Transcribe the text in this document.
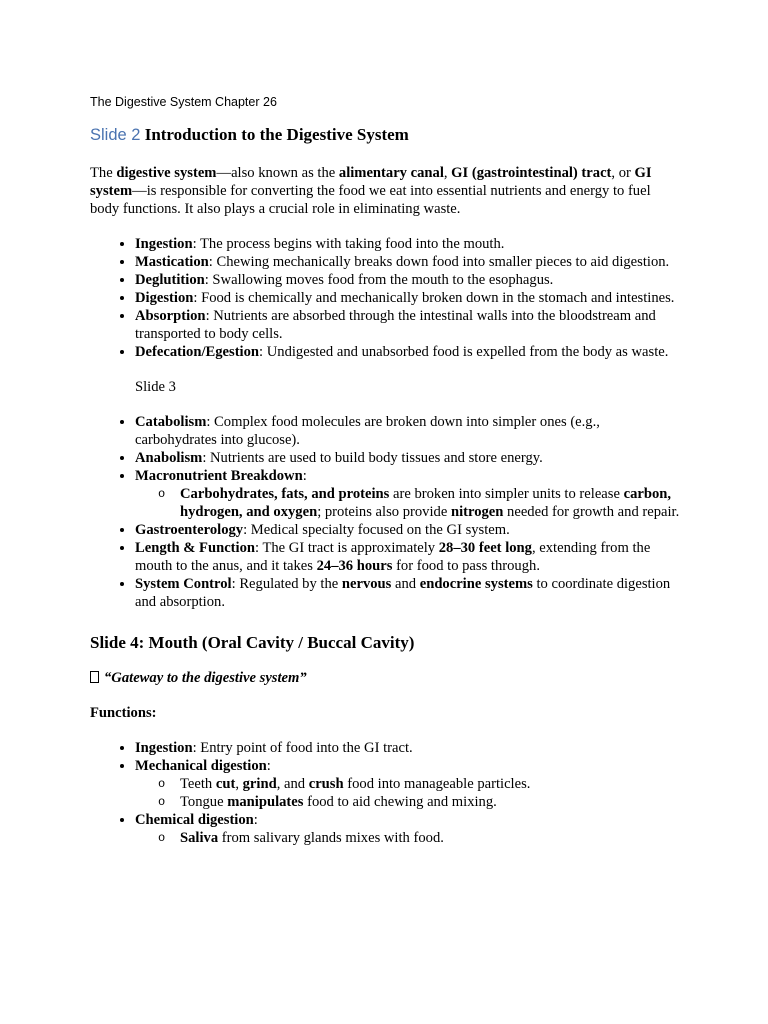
The Digestive System Chapter 26
Slide 2 Introduction to the Digestive System

The digestive system—also known as the alimentary canal, GI (gastrointestinal) tract, or GI system—is responsible for converting the food we eat into essential nutrients and energy to fuel body functions. It also plays a crucial role in eliminating waste.

• Ingestion: The process begins with taking food into the mouth.
• Mastication: Chewing mechanically breaks down food into smaller pieces to aid digestion.
• Deglutition: Swallowing moves food from the mouth to the esophagus.
• Digestion: Food is chemically and mechanically broken down in the stomach and intestines.
• Absorption: Nutrients are absorbed through the intestinal walls into the bloodstream and transported to body cells.
• Defecation/Egestion: Undigested and unabsorbed food is expelled from the body as waste.

Slide 3

• Catabolism: Complex food molecules are broken down into simpler ones (e.g., carbohydrates into glucose).
• Anabolism: Nutrients are used to build body tissues and store energy.
• Macronutrient Breakdown:
o Carbohydrates, fats, and proteins are broken into simpler units to release carbon, hydrogen, and oxygen; proteins also provide nitrogen needed for growth and repair.
• Gastroenterology: Medical specialty focused on the GI system.
• Length & Function: The GI tract is approximately 28–30 feet long, extending from the mouth to the anus, and it takes 24–36 hours for food to pass through.
• System Control: Regulated by the nervous and endocrine systems to coordinate digestion and absorption.
Slide 4: Mouth (Oral Cavity / Buccal Cavity)

“Gateway to the digestive system”

Functions:

• Ingestion: Entry point of food into the GI tract.
• Mechanical digestion:
o Teeth cut, grind, and crush food into manageable particles.
o Tongue manipulates food to aid chewing and mixing.
• Chemical digestion:
o Saliva from salivary glands mixes with food.
